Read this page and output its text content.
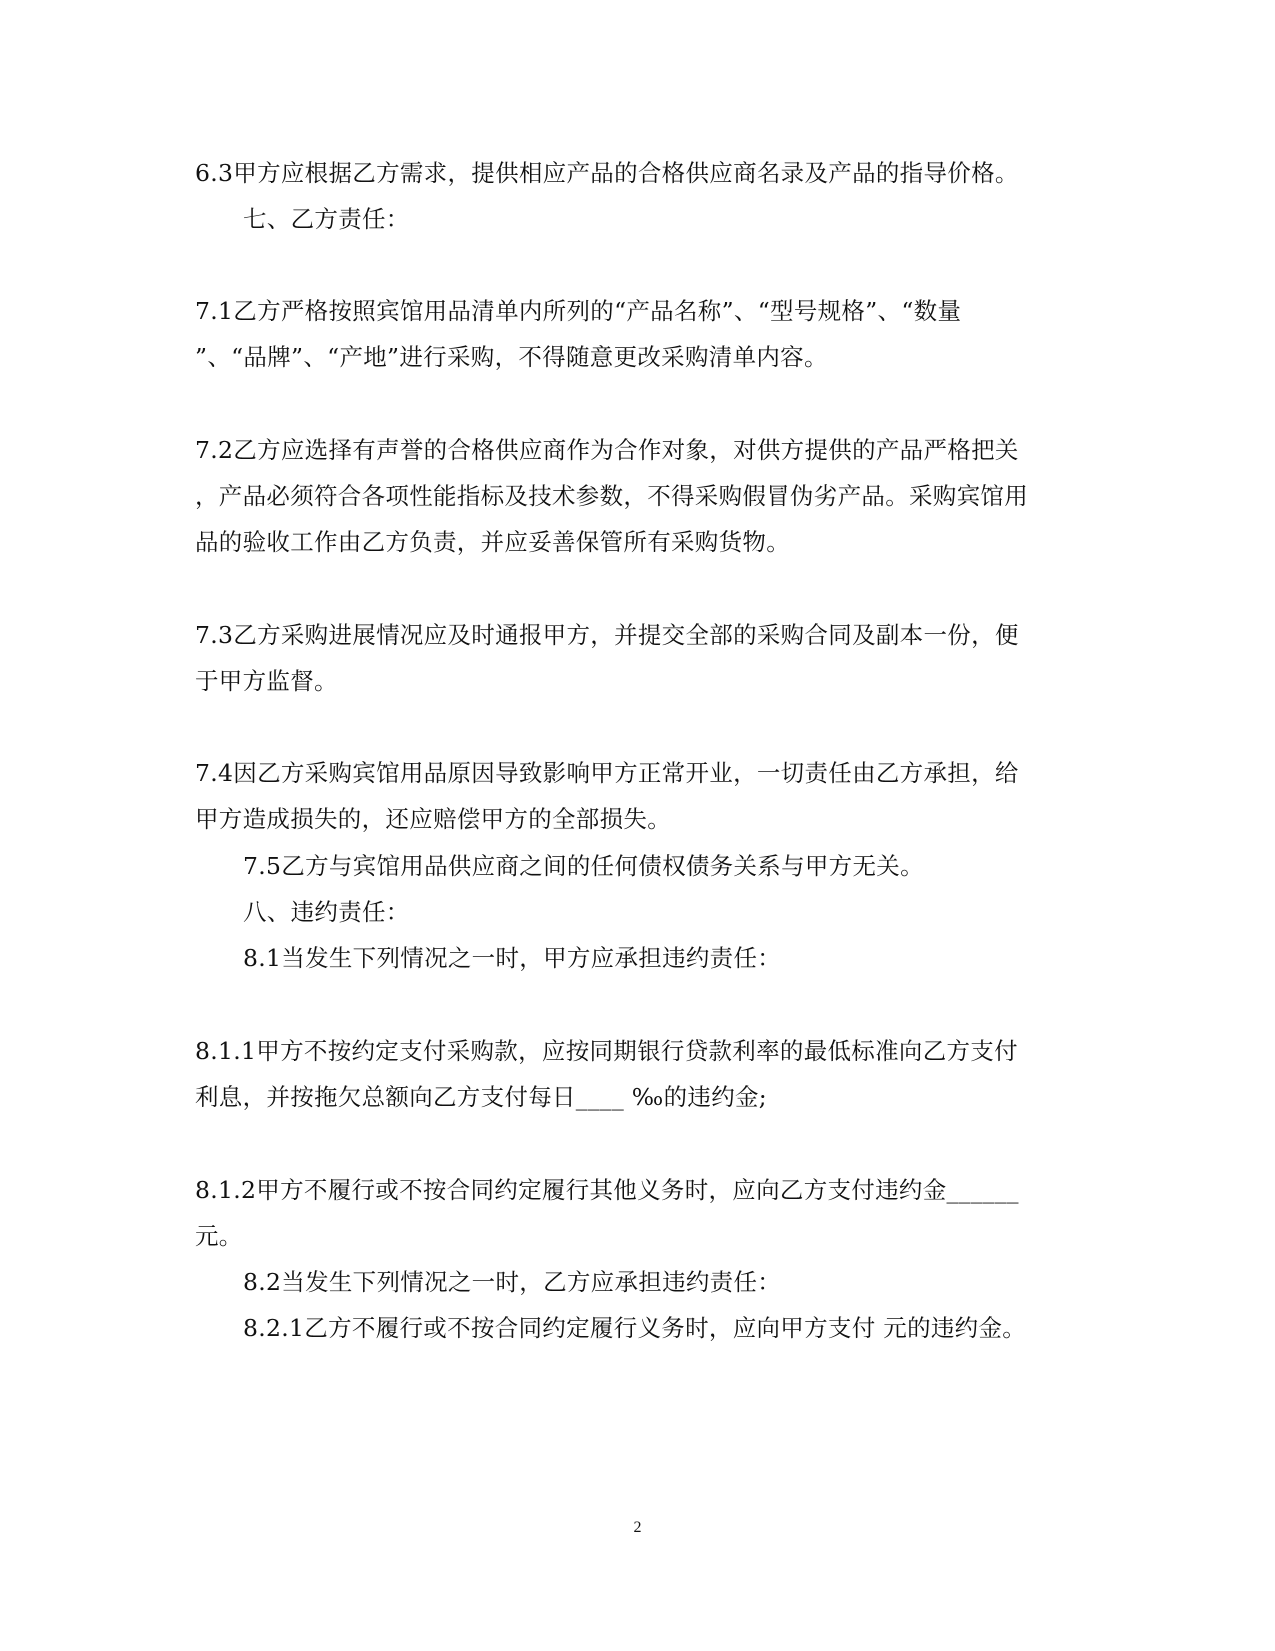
6.3甲方应根据乙方需求，提供相应产品的合格供应商名录及产品的指导价格。
七、乙方责任：
7.1乙方严格按照宾馆用品清单内所列的“产品名称”、“型号规格”、“数量
”、“品牌”、“产地”进行采购，不得随意更改采购清单内容。
7.2乙方应选择有声誉的合格供应商作为合作对象，对供方提供的产品严格把关
，产品必须符合各项性能指标及技术参数，不得采购假冒伪劣产品。采购宾馆用
品的验收工作由乙方负责，并应妥善保管所有采购货物。
7.3乙方采购进展情况应及时通报甲方，并提交全部的采购合同及副本一份，便
于甲方监督。
7.4因乙方采购宾馆用品原因导致影响甲方正常开业，一切责任由乙方承担，给
甲方造成损失的，还应赔偿甲方的全部损失。
7.5乙方与宾馆用品供应商之间的任何债权债务关系与甲方无关。
八、违约责任：
8.1当发生下列情况之一时，甲方应承担违约责任：
8.1.1甲方不按约定支付采购款，应按同期银行贷款利率的最低标准向乙方支付
利息，并按拖欠总额向乙方支付每日____ ‰的违约金;
8.1.2甲方不履行或不按合同约定履行其他义务时，应向乙方支付违约金______
元。
8.2当发生下列情况之一时，乙方应承担违约责任：
8.2.1乙方不履行或不按合同约定履行义务时，应向甲方支付 元的违约金。
2
